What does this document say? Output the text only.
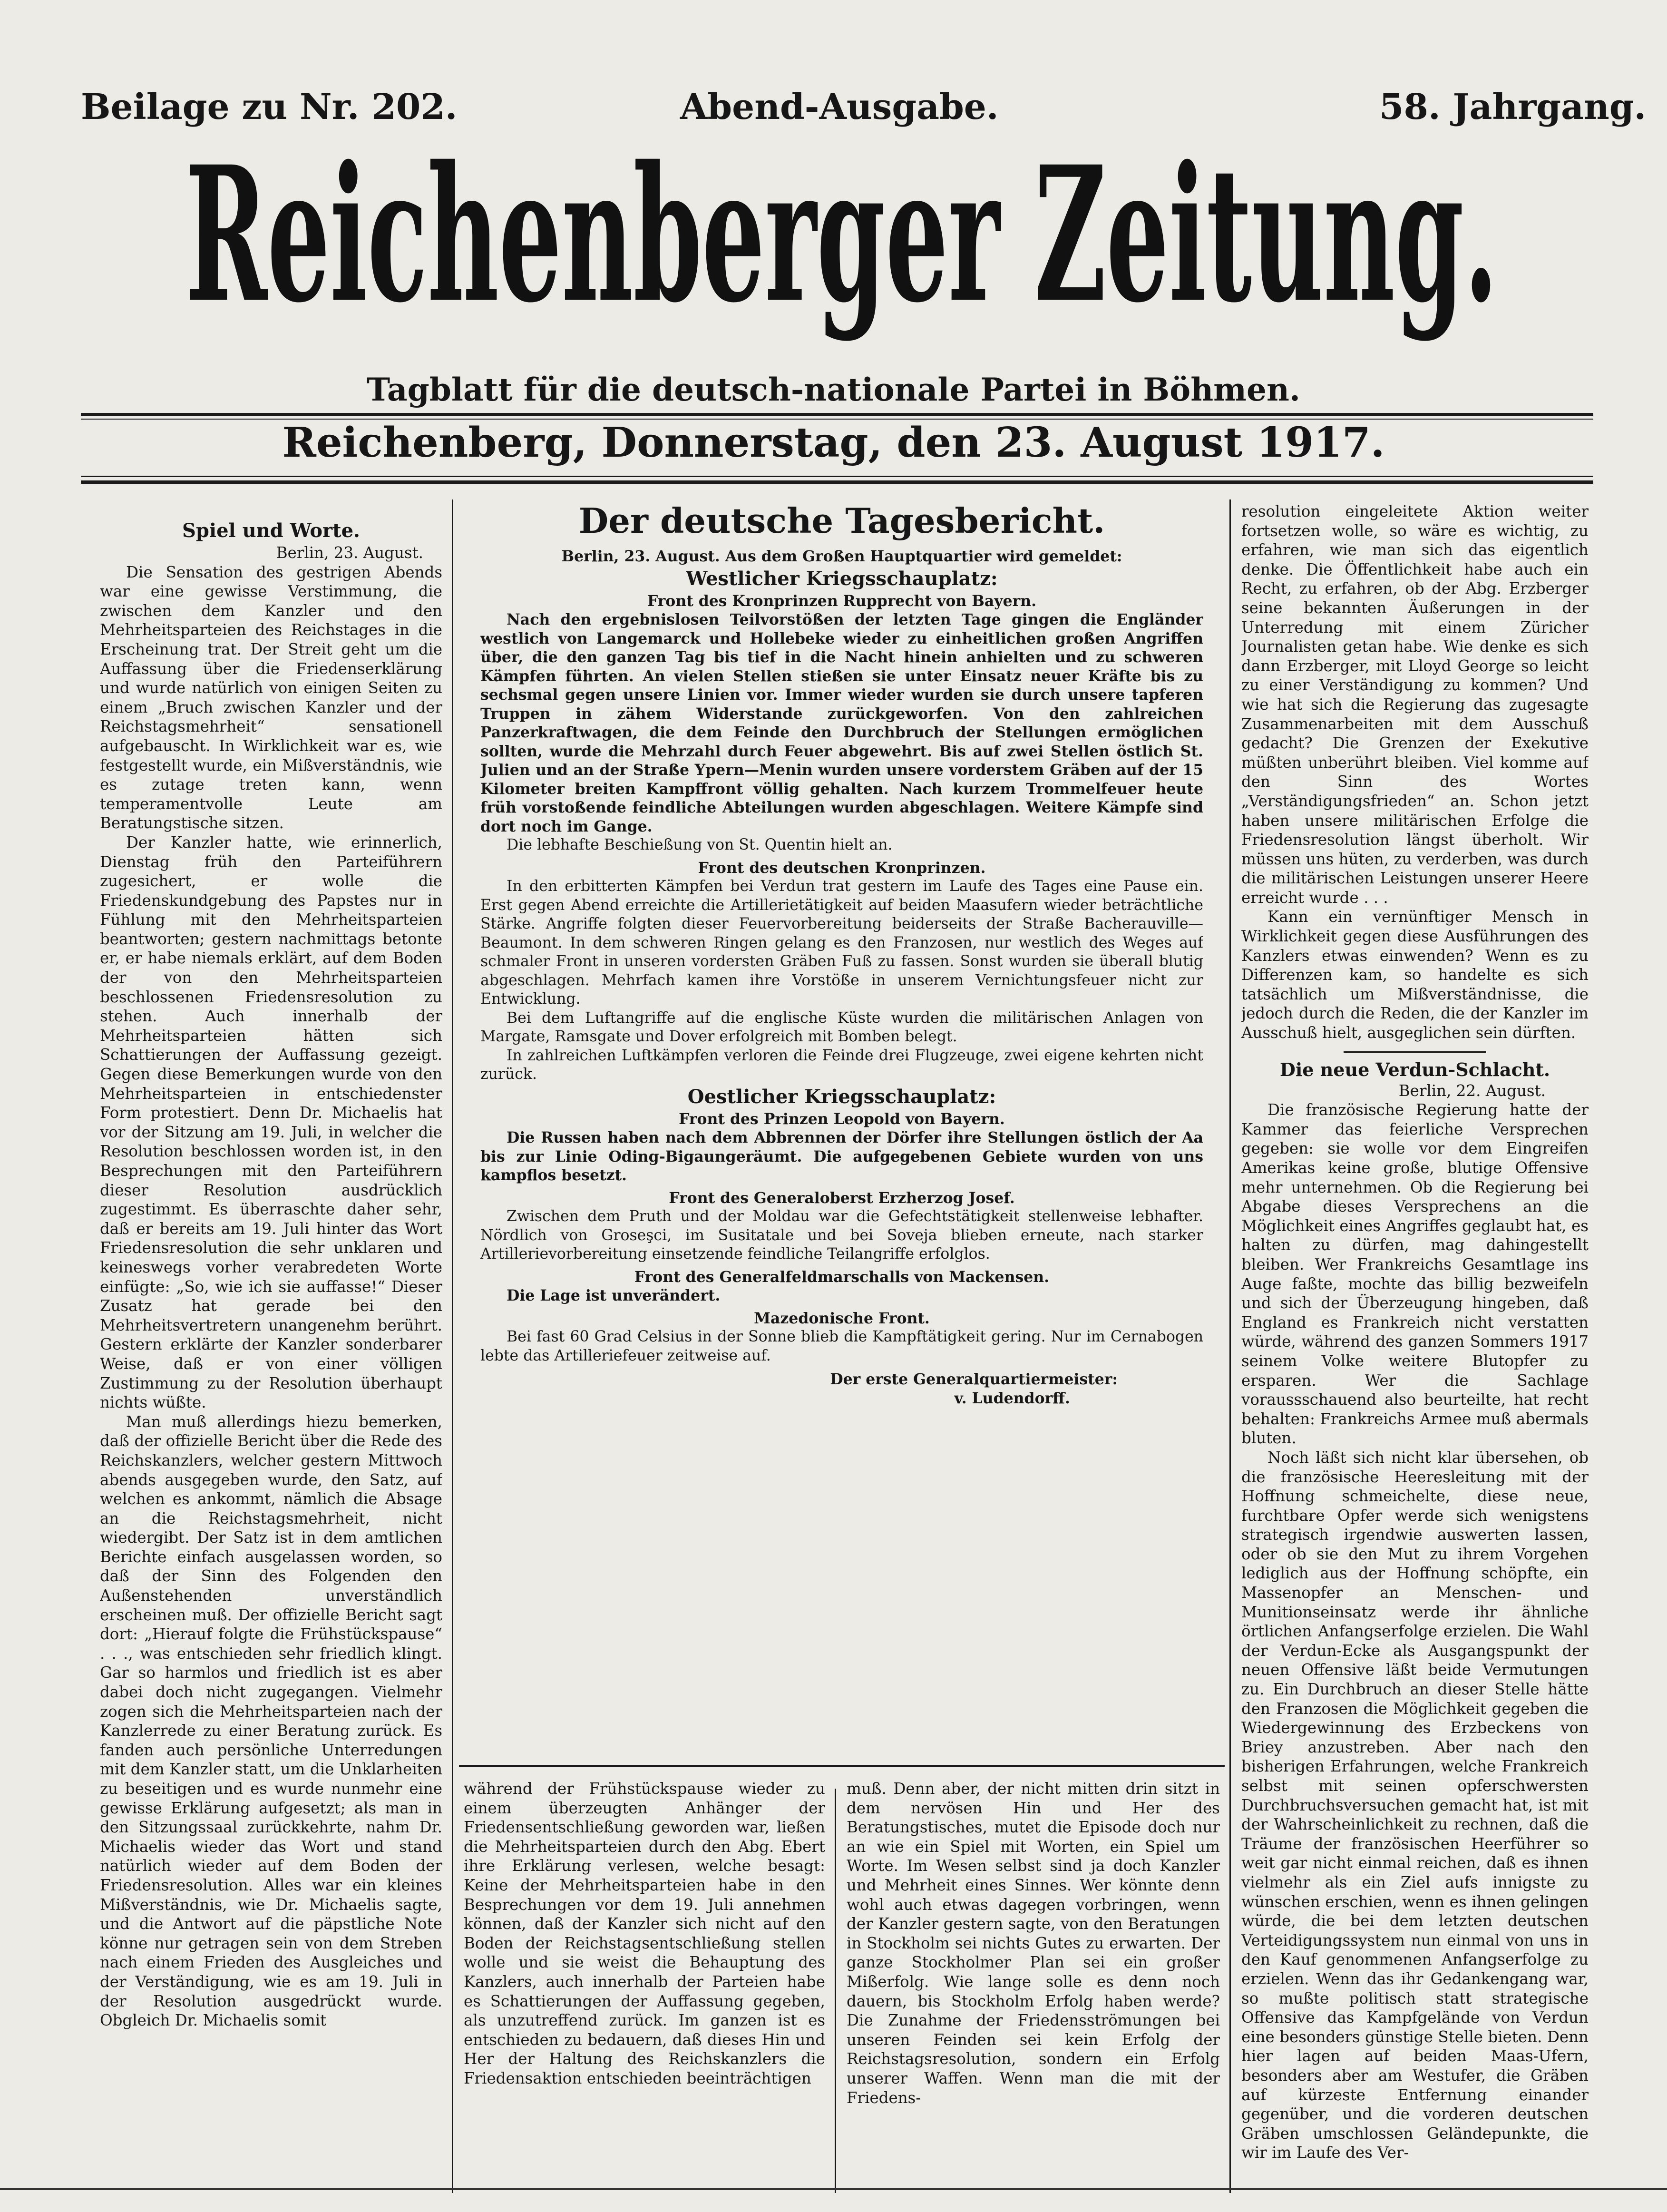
Beilage zu Nr. 202.	Abend-Ausgabe.	58. Jahrgang.
Reichenberger Zeitung.
Tagblatt für die deutsch-nationale Partei in Böhmen.
Reichenberg, Donnerstag, den 23. August 1917.

Spiel und Worte.

Berlin, 23. August.

Die Sensation des gestrigen Abends war eine gewisse Verstimmung, die zwischen dem Kanzler und den Mehrheitsparteien des Reichstages in die Erscheinung trat. Der Streit geht um die Auffassung über die Friedenserklärung und wurde natürlich von einigen Seiten zu einem „Bruch zwischen Kanzler und der Reichstagsmehrheit“ sensationell aufgebauscht. In Wirklichkeit war es, wie festgestellt wurde, ein Mißverständnis, wie es zutage treten kann, wenn temperamentvolle Leute am Beratungstische sitzen.

Der Kanzler hatte, wie erinnerlich, Dienstag früh den Parteiführern zugesichert, er wolle die Friedenskundgebung des Papstes nur in Fühlung mit den Mehrheitsparteien beantworten; gestern nachmittags betonte er, er habe niemals erklärt, auf dem Boden der von den Mehrheitsparteien beschlossenen Friedensresolution zu stehen. Auch innerhalb der Mehrheitsparteien hätten sich Schattierungen der Auffassung gezeigt. Gegen diese Bemerkungen wurde von den Mehrheitsparteien in entschiedenster Form protestiert. Denn Dr. Michaelis hat vor der Sitzung am 19. Juli, in welcher die Resolution beschlossen worden ist, in den Besprechungen mit den Parteiführern dieser Resolution ausdrücklich zugestimmt. Es überraschte daher sehr, daß er bereits am 19. Juli hinter das Wort Friedensresolution die sehr unklaren und keineswegs vorher verabredeten Worte einfügte: „So, wie ich sie auffasse!“ Dieser Zusatz hat gerade bei den Mehrheitsvertretern unangenehm berührt. Gestern erklärte der Kanzler sonderbarer Weise, daß er von einer völligen Zustimmung zu der Resolution überhaupt nichts wüßte.

Man muß allerdings hiezu bemerken, daß der offizielle Bericht über die Rede des Reichskanzlers, welcher gestern Mittwoch abends ausgegeben wurde, den Satz, auf welchen es ankommt, nämlich die Absage an die Reichstagsmehrheit, nicht wiedergibt. Der Satz ist in dem amtlichen Berichte einfach ausgelassen worden, so daß der Sinn des Folgenden den Außenstehenden unverständlich erscheinen muß. Der offizielle Bericht sagt dort: „Hierauf folgte die Frühstückspause“ . . ., was entschieden sehr friedlich klingt. Gar so harmlos und friedlich ist es aber dabei doch nicht zugegangen. Vielmehr zogen sich die Mehrheitsparteien nach der Kanzlerrede zu einer Beratung zurück. Es fanden auch persönliche Unterredungen mit dem Kanzler statt, um die Unklarheiten zu beseitigen und es wurde nunmehr eine gewisse Erklärung aufgesetzt; als man in den Sitzungssaal zurückkehrte, nahm Dr. Michaelis wieder das Wort und stand natürlich wieder auf dem Boden der Friedensresolution. Alles war ein kleines Mißverständnis, wie Dr. Michaelis sagte, und die Antwort auf die päpstliche Note könne nur getragen sein von dem Streben nach einem Frieden des Ausgleiches und der Verständigung, wie es am 19. Juli in der Resolution ausgedrückt wurde. Obgleich Dr. Michaelis somit

Der deutsche Tagesbericht.

Berlin, 23. August. Aus dem Großen Hauptquartier wird gemeldet:

Westlicher Kriegsschauplatz:

Front des Kronprinzen Rupprecht von Bayern.

Nach den ergebnislosen Teilvorstößen der letzten Tage gingen die Engländer westlich von Langemarck und Hollebeke wieder zu einheitlichen großen Angriffen über, die den ganzen Tag bis tief in die Nacht hinein anhielten und zu schweren Kämpfen führten. An vielen Stellen stießen sie unter Einsatz neuer Kräfte bis zu sechsmal gegen unsere Linien vor. Immer wieder wurden sie durch unsere tapferen Truppen in zähem Widerstande zurückgeworfen. Von den zahlreichen Panzerkraftwagen, die dem Feinde den Durchbruch der Stellungen ermöglichen sollten, wurde die Mehrzahl durch Feuer abgewehrt. Bis auf zwei Stellen östlich St. Julien und an der Straße Ypern—Menin wurden unsere vorderstem Gräben auf der 15 Kilometer breiten Kampffront völlig gehalten. Nach kurzem Trommelfeuer heute früh vorstoßende feindliche Abteilungen wurden abgeschlagen. Weitere Kämpfe sind dort noch im Gange.

Die lebhafte Beschießung von St. Quentin hielt an.

Front des deutschen Kronprinzen.

In den erbitterten Kämpfen bei Verdun trat gestern im Laufe des Tages eine Pause ein. Erst gegen Abend erreichte die Artillerietätigkeit auf beiden Maasufern wieder beträchtliche Stärke. Angriffe folgten dieser Feuervorbereitung beiderseits der Straße Bacherauville—Beaumont. In dem schweren Ringen gelang es den Franzosen, nur westlich des Weges auf schmaler Front in unseren vordersten Gräben Fuß zu fassen. Sonst wurden sie überall blutig abgeschlagen. Mehrfach kamen ihre Vorstöße in unserem Vernichtungsfeuer nicht zur Entwicklung.

Bei dem Luftangriffe auf die englische Küste wurden die militärischen Anlagen von Margate, Ramsgate und Dover erfolgreich mit Bomben belegt.

In zahlreichen Luftkämpfen verloren die Feinde drei Flugzeuge, zwei eigene kehrten nicht zurück.

Oestlicher Kriegsschauplatz:

Front des Prinzen Leopold von Bayern.

Die Russen haben nach dem Abbrennen der Dörfer ihre Stellungen östlich der Aa bis zur Linie Oding-Bigaungeräumt. Die aufgegebenen Gebiete wurden von uns kampflos besetzt.

Front des Generaloberst Erzherzog Josef.

Zwischen dem Pruth und der Moldau war die Gefechtstätigkeit stellenweise lebhafter. Nördlich von Groseşci, im Susitatale und bei Soveja blieben erneute, nach starker Artillerievorbereitung einsetzende feindliche Teilangriffe erfolglos.

Front des Generalfeldmarschalls von Mackensen.

Die Lage ist unverändert.

Mazedonische Front.

Bei fast 60 Grad Celsius in der Sonne blieb die Kampftätigkeit gering. Nur im Cernabogen lebte das Artilleriefeuer zeitweise auf.

Der erste Generalquartiermeister:

v. Ludendorff.

während der Frühstückspause wieder zu einem überzeugten Anhänger der Friedensentschließung geworden war, ließen die Mehrheitsparteien durch den Abg. Ebert ihre Erklärung verlesen, welche besagt: Keine der Mehrheitsparteien habe in den Besprechungen vor dem 19. Juli annehmen können, daß der Kanzler sich nicht auf den Boden der Reichstagsentschließung stellen wolle und sie weist die Behauptung des Kanzlers, auch innerhalb der Parteien habe es Schattierungen der Auffassung gegeben, als unzutreffend zurück. Im ganzen ist es entschieden zu bedauern, daß dieses Hin und Her der Haltung des Reichskanzlers die Friedensaktion entschieden beeinträchtigen

muß. Denn aber, der nicht mitten drin sitzt in dem nervösen Hin und Her des Beratungstisches, mutet die Episode doch nur an wie ein Spiel mit Worten, ein Spiel um Worte. Im Wesen selbst sind ja doch Kanzler und Mehrheit eines Sinnes. Wer könnte denn wohl auch etwas dagegen vorbringen, wenn der Kanzler gestern sagte, von den Beratungen in Stockholm sei nichts Gutes zu erwarten. Der ganze Stockholmer Plan sei ein großer Mißerfolg. Wie lange solle es denn noch dauern, bis Stockholm Erfolg haben werde? Die Zunahme der Friedensströmungen bei unseren Feinden sei kein Erfolg der Reichstagsresolution, sondern ein Erfolg unserer Waffen. Wenn man die mit der Friedens-

resolution eingeleitete Aktion weiter fortsetzen wolle, so wäre es wichtig, zu erfahren, wie man sich das eigentlich denke. Die Öffentlichkeit habe auch ein Recht, zu erfahren, ob der Abg. Erzberger seine bekannten Äußerungen in der Unterredung mit einem Züricher Journalisten getan habe. Wie denke es sich dann Erzberger, mit Lloyd George so leicht zu einer Verständigung zu kommen? Und wie hat sich die Regierung das zugesagte Zusammenarbeiten mit dem Ausschuß gedacht? Die Grenzen der Exekutive müßten unberührt bleiben. Viel komme auf den Sinn des Wortes „Verständigungsfrieden“ an. Schon jetzt haben unsere militärischen Erfolge die Friedensresolution längst überholt. Wir müssen uns hüten, zu verderben, was durch die militärischen Leistungen unserer Heere erreicht wurde . . .

Kann ein vernünftiger Mensch in Wirklichkeit gegen diese Ausführungen des Kanzlers etwas einwenden? Wenn es zu Differenzen kam, so handelte es sich tatsächlich um Mißverständnisse, die jedoch durch die Reden, die der Kanzler im Ausschuß hielt, ausgeglichen sein dürften.

Die neue Verdun-Schlacht.

Berlin, 22. August.

Die französische Regierung hatte der Kammer das feierliche Versprechen gegeben: sie wolle vor dem Eingreifen Amerikas keine große, blutige Offensive mehr unternehmen. Ob die Regierung bei Abgabe dieses Versprechens an die Möglichkeit eines Angriffes geglaubt hat, es halten zu dürfen, mag dahingestellt bleiben. Wer Frankreichs Gesamtlage ins Auge faßte, mochte das billig bezweifeln und sich der Überzeugung hingeben, daß England es Frankreich nicht verstatten würde, während des ganzen Sommers 1917 seinem Volke weitere Blutopfer zu ersparen. Wer die Sachlage voraussschauend also beurteilte, hat recht behalten: Frankreichs Armee muß abermals bluten.

Noch läßt sich nicht klar übersehen, ob die französische Heeresleitung mit der Hoffnung schmeichelte, diese neue, furchtbare Opfer werde sich wenigstens strategisch irgendwie auswerten lassen, oder ob sie den Mut zu ihrem Vorgehen lediglich aus der Hoffnung schöpfte, ein Massenopfer an Menschen- und Munitionseinsatz werde ihr ähnliche örtlichen Anfangserfolge erzielen. Die Wahl der Verdun-Ecke als Ausgangspunkt der neuen Offensive läßt beide Vermutungen zu. Ein Durchbruch an dieser Stelle hätte den Franzosen die Möglichkeit gegeben die Wiedergewinnung des Erzbeckens von Briey anzustreben. Aber nach den bisherigen Erfahrungen, welche Frankreich selbst mit seinen opferschwersten Durchbruchsversuchen gemacht hat, ist mit der Wahrscheinlichkeit zu rechnen, daß die Träume der französischen Heerführer so weit gar nicht einmal reichen, daß es ihnen vielmehr als ein Ziel aufs innigste zu wünschen erschien, wenn es ihnen gelingen würde, die bei dem letzten deutschen Verteidigungssystem nun einmal von uns in den Kauf genommenen Anfangserfolge zu erzielen. Wenn das ihr Gedankengang war, so mußte politisch statt strategische Offensive das Kampfgelände von Verdun eine besonders günstige Stelle bieten. Denn hier lagen auf beiden Maas-Ufern, besonders aber am Westufer, die Gräben auf kürzeste Entfernung einander gegenüber, und die vorderen deutschen Gräben umschlossen Geländepunkte, die wir im Laufe des Ver-
